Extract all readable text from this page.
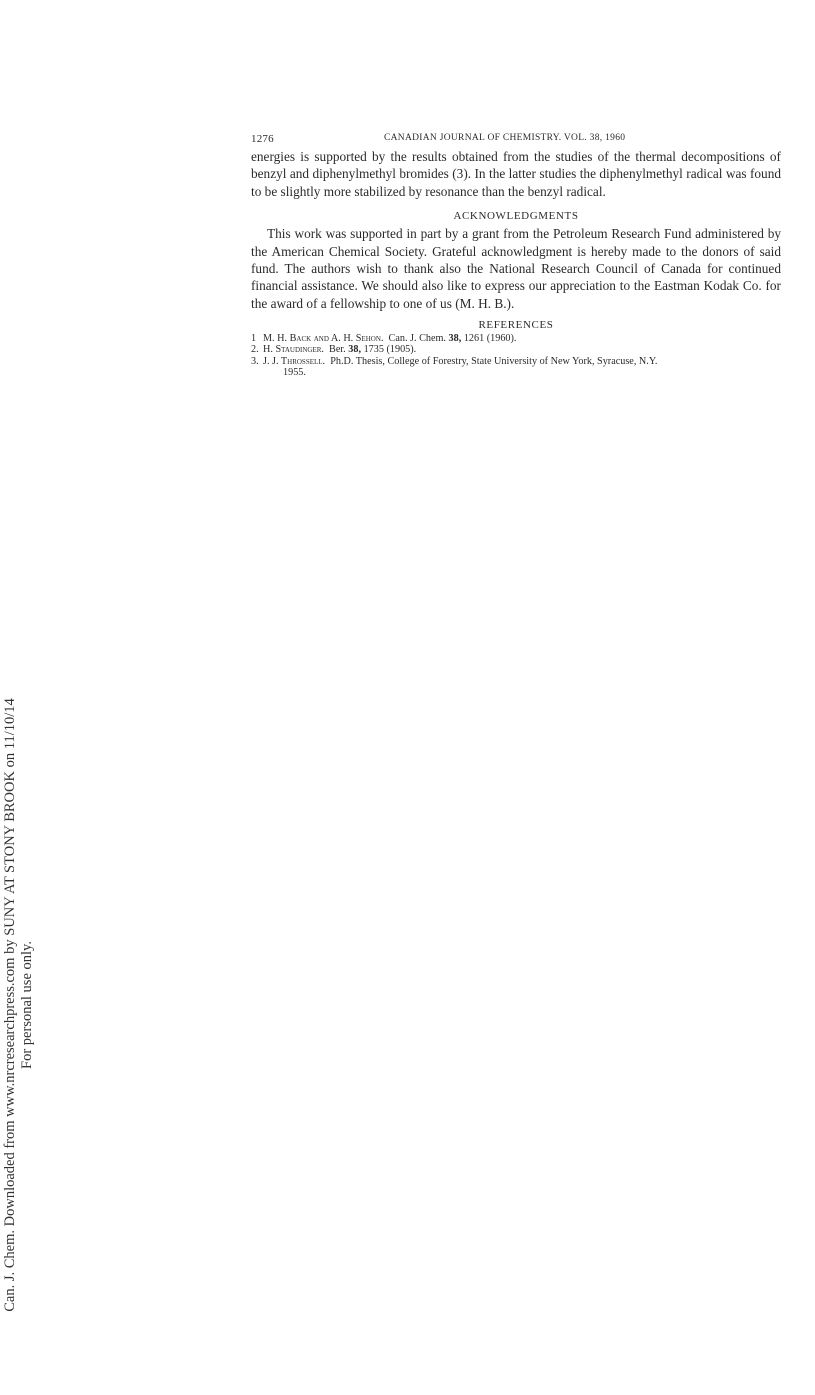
Can. J. Chem. Downloaded from www.nrcresearchpress.com by SUNY AT STONY BROOK on 11/10/14 For personal use only.
1276	CANADIAN JOURNAL OF CHEMISTRY. VOL. 38, 1960

energies is supported by the results obtained from the studies of the thermal decompositions of benzyl and diphenylmethyl bromides (3). In the latter studies the diphenylmethyl radical was found to be slightly more stabilized by resonance than the benzyl radical.

ACKNOWLEDGMENTS

This work was supported in part by a grant from the Petroleum Research Fund administered by the American Chemical Society. Grateful acknowledgment is hereby made to the donors of said fund. The authors wish to thank also the National Research Council of Canada for continued financial assistance. We should also like to express our appreciation to the Eastman Kodak Co. for the award of a fellowship to one of us (M. H. B.).

REFERENCES
1 M. H. Back and A. H. Sehon. Can. J. Chem. 38, 1261 (1960).
2. H. Staudinger. Ber. 38, 1735 (1905).
3. J. J. Throssell. Ph.D. Thesis, College of Forestry, State University of New York, Syracuse, N.Y.
1955.
